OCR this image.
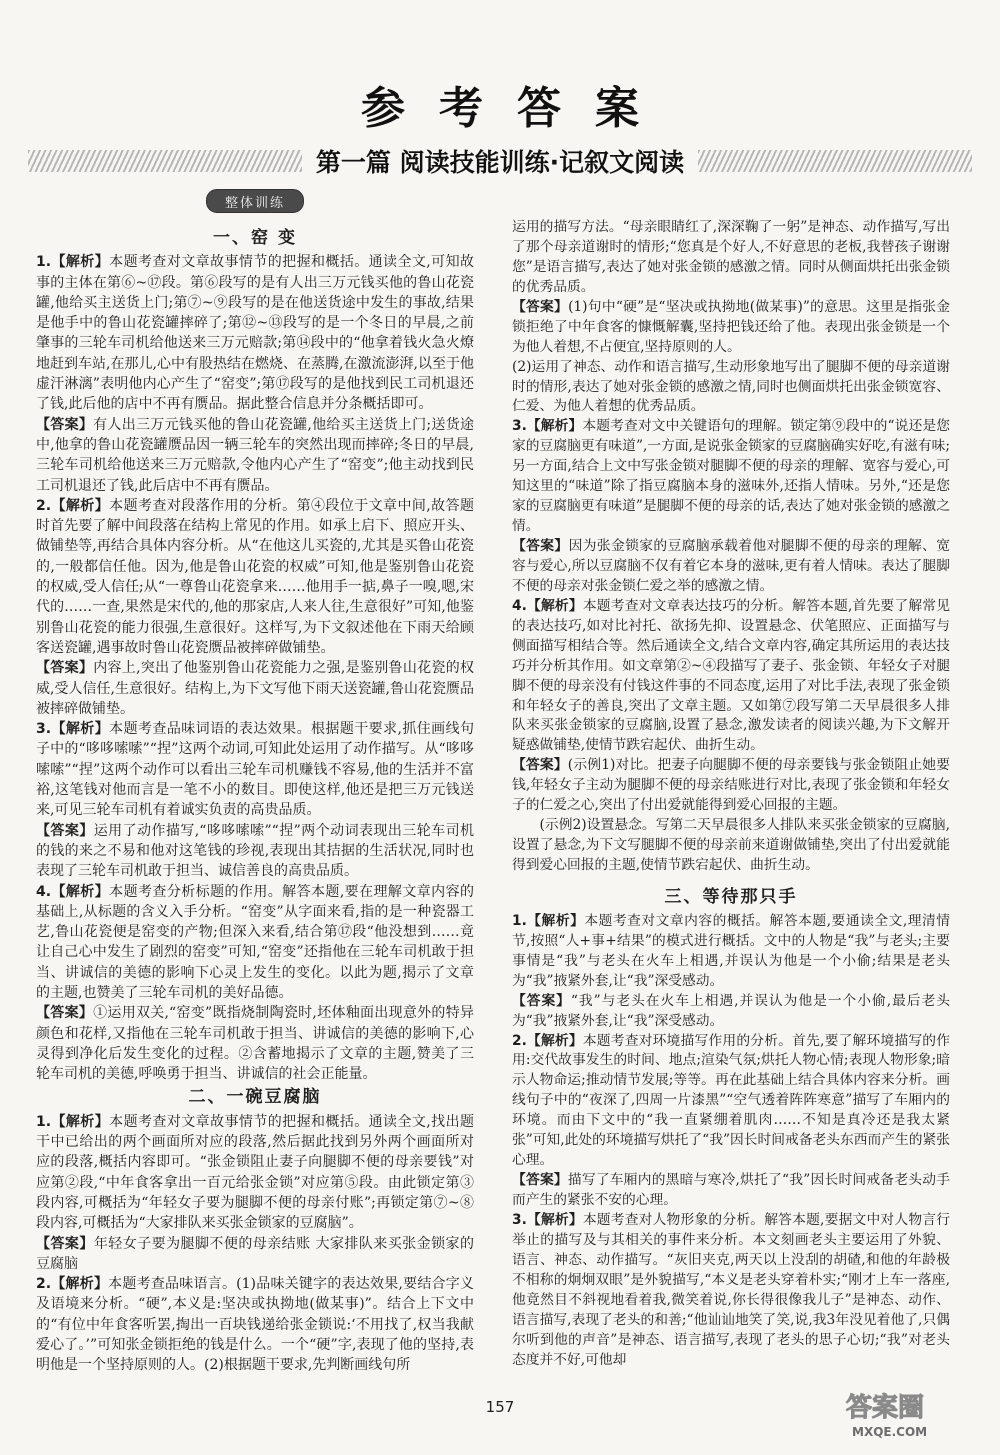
参考答案
第一篇 阅读技能训练·记叙文阅读
整体训练
一、窑 变

1.【解析】本题考查对文章故事情节的把握和概括。通读全文,可知故事的主体在第⑥~⑰段。第⑥段写的是有人出三万元钱买他的鲁山花瓷罐,他给买主送货上门;第⑦~⑨段写的是在他送货途中发生的事故,结果是他手中的鲁山花瓷罐摔碎了;第⑫~⑬段写的是一个冬日的早晨,之前肇事的三轮车司机给他送来三万元赔款;第⑭段中的“他拿着钱火急火燎地赶到车站,在那儿,心中有股热结在燃烧、在蒸腾,在激流澎湃,以至于他虚汗淋漓”表明他内心产生了“窑变”;第⑰段写的是他找到民工司机退还了钱,此后他的店中不再有赝品。据此整合信息并分条概括即可。

【答案】有人出三万元钱买他的鲁山花瓷罐,他给买主送货上门;送货途中,他拿的鲁山花瓷罐赝品因一辆三轮车的突然出现而摔碎;冬日的早晨,三轮车司机给他送来三万元赔款,令他内心产生了“窑变”;他主动找到民工司机退还了钱,此后店中不再有赝品。

2.【解析】本题考查对段落作用的分析。第④段位于文章中间,故答题时首先要了解中间段落在结构上常见的作用。如承上启下、照应开头、做铺垫等,再结合具体内容分析。从“在他这儿买瓷的,尤其是买鲁山花瓷的,一般都信任他。因为,他是鲁山花瓷的权威”可知,他是鉴别鲁山花瓷的权威,受人信任;从“一尊鲁山花瓷拿来……他用手一掂,鼻子一嗅,嗯,宋代的……一查,果然是宋代的,他的那家店,人来人往,生意很好”可知,他鉴别鲁山花瓷的能力很强,生意很好。这样写,为下文叙述他在下雨天给顾客送瓷罐,遇事故时鲁山花瓷赝品被摔碎做铺垫。

【答案】内容上,突出了他鉴别鲁山花瓷能力之强,是鉴别鲁山花瓷的权威,受人信任,生意很好。结构上,为下文写他下雨天送瓷罐,鲁山花瓷赝品被摔碎做铺垫。

3.【解析】本题考查品味词语的表达效果。根据题干要求,抓住画线句子中的“哆哆嗦嗦”“捏”这两个动词,可知此处运用了动作描写。从“哆哆嗦嗦”“捏”这两个动作可以看出三轮车司机赚钱不容易,他的生活并不富裕,这笔钱对他而言是一笔不小的数目。即使这样,他还是把三万元钱送来,可见三轮车司机有着诚实负责的高贵品质。

【答案】运用了动作描写,“哆哆嗦嗦”“捏”两个动词表现出三轮车司机的钱的来之不易和他对这笔钱的珍视,表现出其拮据的生活状况,同时也表现了三轮车司机敢于担当、诚信善良的高贵品质。

4.【解析】本题考查分析标题的作用。解答本题,要在理解文章内容的基础上,从标题的含义入手分析。“窑变”从字面来看,指的是一种瓷器工艺,鲁山花瓷便是窑变的产物;但深入来看,结合第⑰段“他没想到……竟让自己心中发生了剧烈的窑变”可知,“窑变”还指他在三轮车司机敢于担当、讲诚信的美德的影响下心灵上发生的变化。以此为题,揭示了文章的主题,也赞美了三轮车司机的美好品德。

【答案】①运用双关,“窑变”既指烧制陶瓷时,坯体釉面出现意外的特异颜色和花样,又指他在三轮车司机敢于担当、讲诚信的美德的影响下,心灵得到净化后发生变化的过程。②含蓄地揭示了文章的主题,赞美了三轮车司机的美德,呼唤勇于担当、讲诚信的社会正能量。

二、一碗豆腐脑

1.【解析】本题考查对文章故事情节的把握和概括。通读全文,找出题干中已给出的两个画面所对应的段落,然后据此找到另外两个画面所对应的段落,概括内容即可。“张金锁阻止妻子向腿脚不便的母亲要钱”对应第②段,“中年食客拿出一百元给张金锁”对应第⑤段。由此锁定第③段内容,可概括为“年轻女子要为腿脚不便的母亲付账”;再锁定第⑦~⑧段内容,可概括为“大家排队来买张金锁家的豆腐脑”。

【答案】年轻女子要为腿脚不便的母亲结账 大家排队来买张金锁家的豆腐脑

2.【解析】本题考查品味语言。(1)品味关键字的表达效果,要结合字义及语境来分析。“硬”,本义是:坚决或执拗地(做某事)”。结合上下文中的“有位中年食客听罢,掏出一百块钱递给张金锁说:‘不用找了,权当我献爱心了。’”可知张金锁拒绝的钱是什么。一个“硬”字,表现了他的坚持,表明他是一个坚持原则的人。(2)根据题干要求,先判断画线句所

运用的描写方法。“母亲眼睛红了,深深鞠了一躬”是神态、动作描写,写出了那个母亲道谢时的情形;“您真是个好人,不好意思的老板,我替孩子谢谢您”是语言描写,表达了她对张金锁的感激之情。同时从侧面烘托出张金锁的优秀品质。

【答案】(1)句中“硬”是“坚决或执拗地(做某事)”的意思。这里是指张金锁拒绝了中年食客的慷慨解囊,坚持把钱还给了他。表现出张金锁是一个为他人着想,不占便宜,坚持原则的人。

(2)运用了神态、动作和语言描写,生动形象地写出了腿脚不便的母亲道谢时的情形,表达了她对张金锁的感激之情,同时也侧面烘托出张金锁宽容、仁爱、为他人着想的优秀品质。

3.【解析】本题考查对文中关键语句的理解。锁定第⑨段中的“说还是您家的豆腐脑更有味道”,一方面,是说张金锁家的豆腐脑确实好吃,有滋有味;另一方面,结合上文中写张金锁对腿脚不便的母亲的理解、宽容与爱心,可知这里的“味道”除了指豆腐脑本身的滋味外,还指人情味。另外,“还是您家的豆腐脑更有味道”是腿脚不便的母亲的话,表达了她对张金锁的感激之情。

【答案】因为张金锁家的豆腐脑承载着他对腿脚不便的母亲的理解、宽容与爱心,所以豆腐脑不仅有着它本身的滋味,更有着人情味。表达了腿脚不便的母亲对张金锁仁爱之举的感激之情。

4.【解析】本题考查对文章表达技巧的分析。解答本题,首先要了解常见的表达技巧,如对比衬托、欲扬先抑、设置悬念、伏笔照应、正面描写与侧面描写相结合等。然后通读全文,结合文章内容,确定其所运用的表达技巧并分析其作用。如文章第②~④段描写了妻子、张金锁、年轻女子对腿脚不便的母亲没有付钱这件事的不同态度,运用了对比手法,表现了张金锁和年轻女子的善良,突出了文章主题。又如第⑦段写第二天早晨很多人排队来买张金锁家的豆腐脑,设置了悬念,激发读者的阅读兴趣,为下文解开疑惑做铺垫,使情节跌宕起伏、曲折生动。

【答案】(示例1)对比。把妻子向腿脚不便的母亲要钱与张金锁阻止她要钱,年轻女子主动为腿脚不便的母亲结账进行对比,表现了张金锁和年轻女子的仁爱之心,突出了付出爱就能得到爱心回报的主题。

(示例2)设置悬念。写第二天早晨很多人排队来买张金锁家的豆腐脑,设置了悬念,为下文写腿脚不便的母亲前来道谢做铺垫,突出了付出爱就能得到爱心回报的主题,使情节跌宕起伏、曲折生动。

三、等待那只手

1.【解析】本题考查对文章内容的概括。解答本题,要通读全文,理清情节,按照“人+事+结果”的模式进行概括。文中的人物是“我”与老头;主要事情是“我”与老头在火车上相遇,并误认为他是一个小偷;结果是老头为“我”掖紧外套,让“我”深受感动。

【答案】“我”与老头在火车上相遇,并误认为他是一个小偷,最后老头为“我”掖紧外套,让“我”深受感动。

2.【解析】本题考查对环境描写作用的分析。首先,要了解环境描写的作用:交代故事发生的时间、地点;渲染气氛;烘托人物心情;表现人物形象;暗示人物命运;推动情节发展;等等。再在此基础上结合具体内容来分析。画线句子中的“夜深了,四周一片漆黑”“空气透着阵阵寒意”描写了车厢内的环境。而由下文中的“我一直紧绷着肌肉……不知是真冷还是我太紧张”可知,此处的环境描写烘托了“我”因长时间戒备老头东西而产生的紧张心理。

【答案】描写了车厢内的黑暗与寒冷,烘托了“我”因长时间戒备老头动手而产生的紧张不安的心理。

3.【解析】本题考查对人物形象的分析。解答本题,要据文中对人物言行举止的描写及与其相关的事件来分析。本文刻画老头主要运用了外貌、语言、神态、动作描写。“灰旧夹克,两天以上没刮的胡碴,和他的年龄极不相称的炯炯双眼”是外貌描写,“本义是老头穿着朴实;“刚才上车一落座,他竟然目不斜视地看着我,微笑着说,你长得很像我儿子”是神态、动作、语言描写,表现了老头的和善;“他讪讪地笑了笑,说,我3年没见着他了,只偶尔听到他的声音”是神态、语言描写,表现了老头的思子心切;“我”对老头态度并不好,可他却

157	答案圈
MXQE.COM
